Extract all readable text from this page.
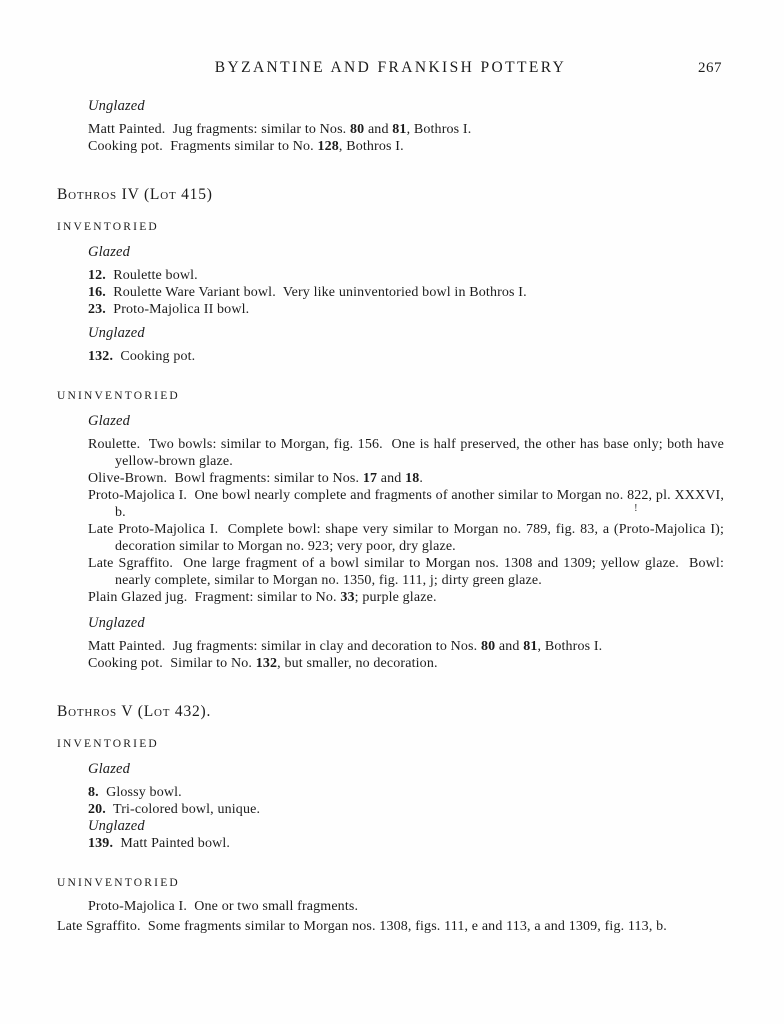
BYZANTINE AND FRANKISH POTTERY	267
Unglazed
Matt Painted.  Jug fragments: similar to Nos. 80 and 81, Bothros I.
Cooking pot.  Fragments similar to No. 128, Bothros I.
Bothros IV (Lot 415)
INVENTORIED
Glazed
12.  Roulette bowl.
16.  Roulette Ware Variant bowl.  Very like uninventoried bowl in Bothros I.
23.  Proto-Majolica II bowl.
Unglazed
132.  Cooking pot.
UNINVENTORIED
Glazed
Roulette.  Two bowls: similar to Morgan, fig. 156.  One is half preserved, the other has base only; both have yellow-brown glaze.
Olive-Brown.  Bowl fragments: similar to Nos. 17 and 18.
Proto-Majolica I.  One bowl nearly complete and fragments of another similar to Morgan no. 822, pl. XXXVI, b.
Late Proto-Majolica I.  Complete bowl: shape very similar to Morgan no. 789, fig. 83, a (Proto-Majolica I); decoration similar to Morgan no. 923; very poor, dry glaze.
Late Sgraffito.  One large fragment of a bowl similar to Morgan nos. 1308 and 1309; yellow glaze.  Bowl: nearly complete, similar to Morgan no. 1350, fig. 111, j; dirty green glaze.
Plain Glazed jug.  Fragment: similar to No. 33; purple glaze.
Unglazed
Matt Painted.  Jug fragments: similar in clay and decoration to Nos. 80 and 81, Bothros I.
Cooking pot.  Similar to No. 132, but smaller, no decoration.
Bothros V (Lot 432).
INVENTORIED
Glazed
8.  Glossy bowl.
20.  Tri-colored bowl, unique.
Unglazed
139.  Matt Painted bowl.
UNINVENTORIED
Proto-Majolica I.  One or two small fragments.
Late Sgraffito.  Some fragments similar to Morgan nos. 1308, figs. 111, e and 113, a and 1309, fig. 113, b.
!
